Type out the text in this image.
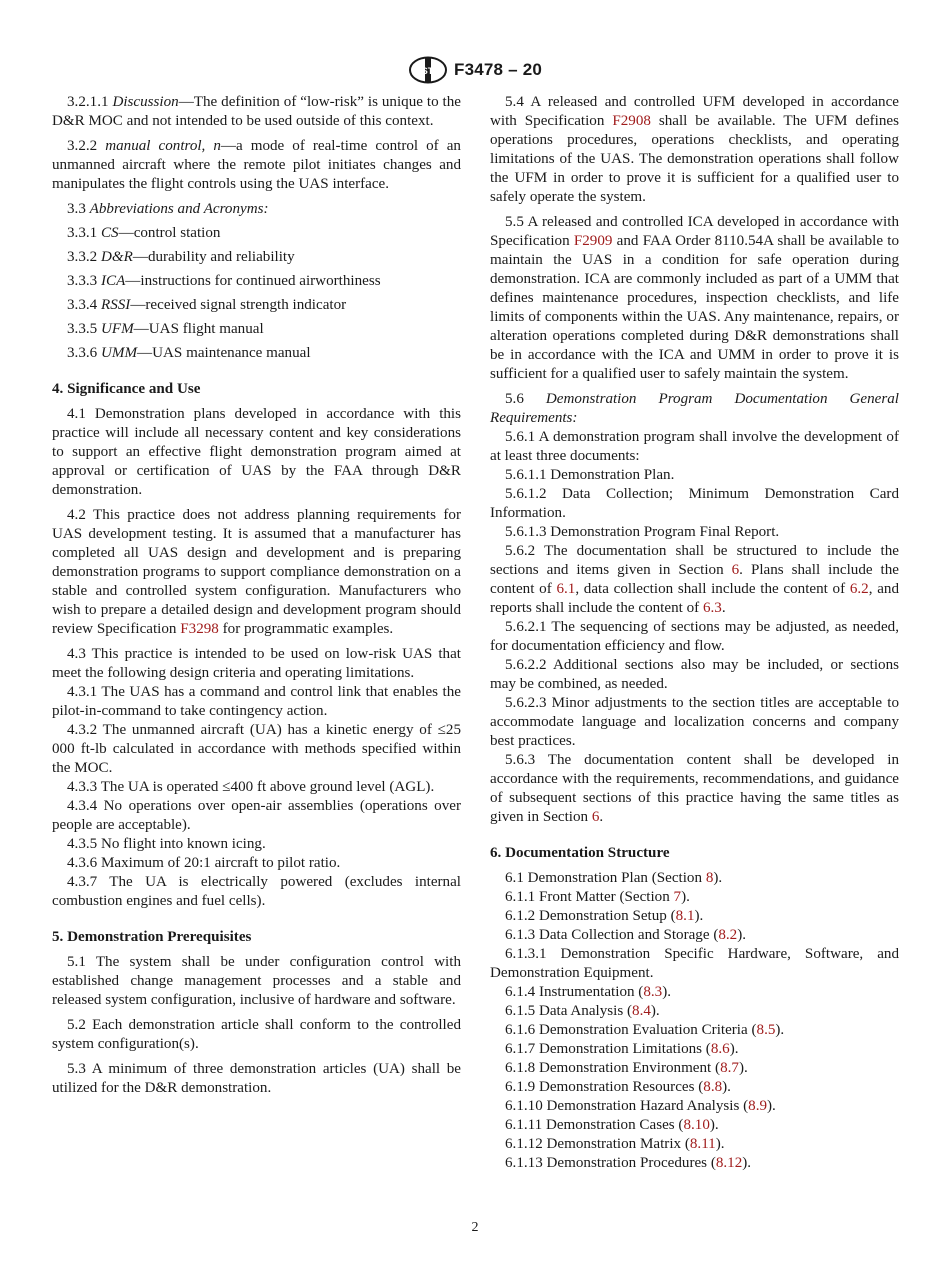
ASTM F3478 – 20

3.2.1.1 Discussion—The definition of “low-risk” is unique to the D&R MOC and not intended to be used outside of this context.

3.2.2 manual control, n—a mode of real-time control of an unmanned aircraft where the remote pilot initiates changes and manipulates the flight controls using the UAS interface.

3.3 Abbreviations and Acronyms:

3.3.1 CS—control station

3.3.2 D&R—durability and reliability

3.3.3 ICA—instructions for continued airworthiness

3.3.4 RSSI—received signal strength indicator

3.3.5 UFM—UAS flight manual

3.3.6 UMM—UAS maintenance manual

4. Significance and Use

4.1 Demonstration plans developed in accordance with this practice will include all necessary content and key considerations to support an effective flight demonstration program aimed at approval or certification of UAS by the FAA through D&R demonstration.

4.2 This practice does not address planning requirements for UAS development testing. It is assumed that a manufacturer has completed all UAS design and development and is preparing demonstration programs to support compliance demonstration on a stable and controlled system configuration. Manufacturers who wish to prepare a detailed design and development program should review Specification F3298 for programmatic examples.

4.3 This practice is intended to be used on low-risk UAS that meet the following design criteria and operating limitations.

4.3.1 The UAS has a command and control link that enables the pilot-in-command to take contingency action.

4.3.2 The unmanned aircraft (UA) has a kinetic energy of ≤25 000 ft-lb calculated in accordance with methods specified within the MOC.

4.3.3 The UA is operated ≤400 ft above ground level (AGL).

4.3.4 No operations over open-air assemblies (operations over people are acceptable).

4.3.5 No flight into known icing.

4.3.6 Maximum of 20:1 aircraft to pilot ratio.

4.3.7 The UA is electrically powered (excludes internal combustion engines and fuel cells).

5. Demonstration Prerequisites

5.1 The system shall be under configuration control with established change management processes and a stable and released system configuration, inclusive of hardware and software.

5.2 Each demonstration article shall conform to the controlled system configuration(s).

5.3 A minimum of three demonstration articles (UA) shall be utilized for the D&R demonstration.

5.4 A released and controlled UFM developed in accordance with Specification F2908 shall be available. The UFM defines operations procedures, operations checklists, and operating limitations of the UAS. The demonstration operations shall follow the UFM in order to prove it is sufficient for a qualified user to safely operate the system.

5.5 A released and controlled ICA developed in accordance with Specification F2909 and FAA Order 8110.54A shall be available to maintain the UAS in a condition for safe operation during demonstration. ICA are commonly included as part of a UMM that defines maintenance procedures, inspection checklists, and life limits of components within the UAS. Any maintenance, repairs, or alteration operations completed during D&R demonstrations shall be in accordance with the ICA and UMM in order to prove it is sufficient for a qualified user to safely maintain the system.

5.6 Demonstration Program Documentation General Requirements:

5.6.1 A demonstration program shall involve the development of at least three documents:

5.6.1.1 Demonstration Plan.

5.6.1.2 Data Collection; Minimum Demonstration Card Information.

5.6.1.3 Demonstration Program Final Report.

5.6.2 The documentation shall be structured to include the sections and items given in Section 6. Plans shall include the content of 6.1, data collection shall include the content of 6.2, and reports shall include the content of 6.3.

5.6.2.1 The sequencing of sections may be adjusted, as needed, for documentation efficiency and flow.

5.6.2.2 Additional sections also may be included, or sections may be combined, as needed.

5.6.2.3 Minor adjustments to the section titles are acceptable to accommodate language and localization concerns and company best practices.

5.6.3 The documentation content shall be developed in accordance with the requirements, recommendations, and guidance of subsequent sections of this practice having the same titles as given in Section 6.

6. Documentation Structure

6.1 Demonstration Plan (Section 8).

6.1.1 Front Matter (Section 7).

6.1.2 Demonstration Setup (8.1).

6.1.3 Data Collection and Storage (8.2).

6.1.3.1 Demonstration Specific Hardware, Software, and Demonstration Equipment.

6.1.4 Instrumentation (8.3).

6.1.5 Data Analysis (8.4).

6.1.6 Demonstration Evaluation Criteria (8.5).

6.1.7 Demonstration Limitations (8.6).

6.1.8 Demonstration Environment (8.7).

6.1.9 Demonstration Resources (8.8).

6.1.10 Demonstration Hazard Analysis (8.9).

6.1.11 Demonstration Cases (8.10).

6.1.12 Demonstration Matrix (8.11).

6.1.13 Demonstration Procedures (8.12).

2
